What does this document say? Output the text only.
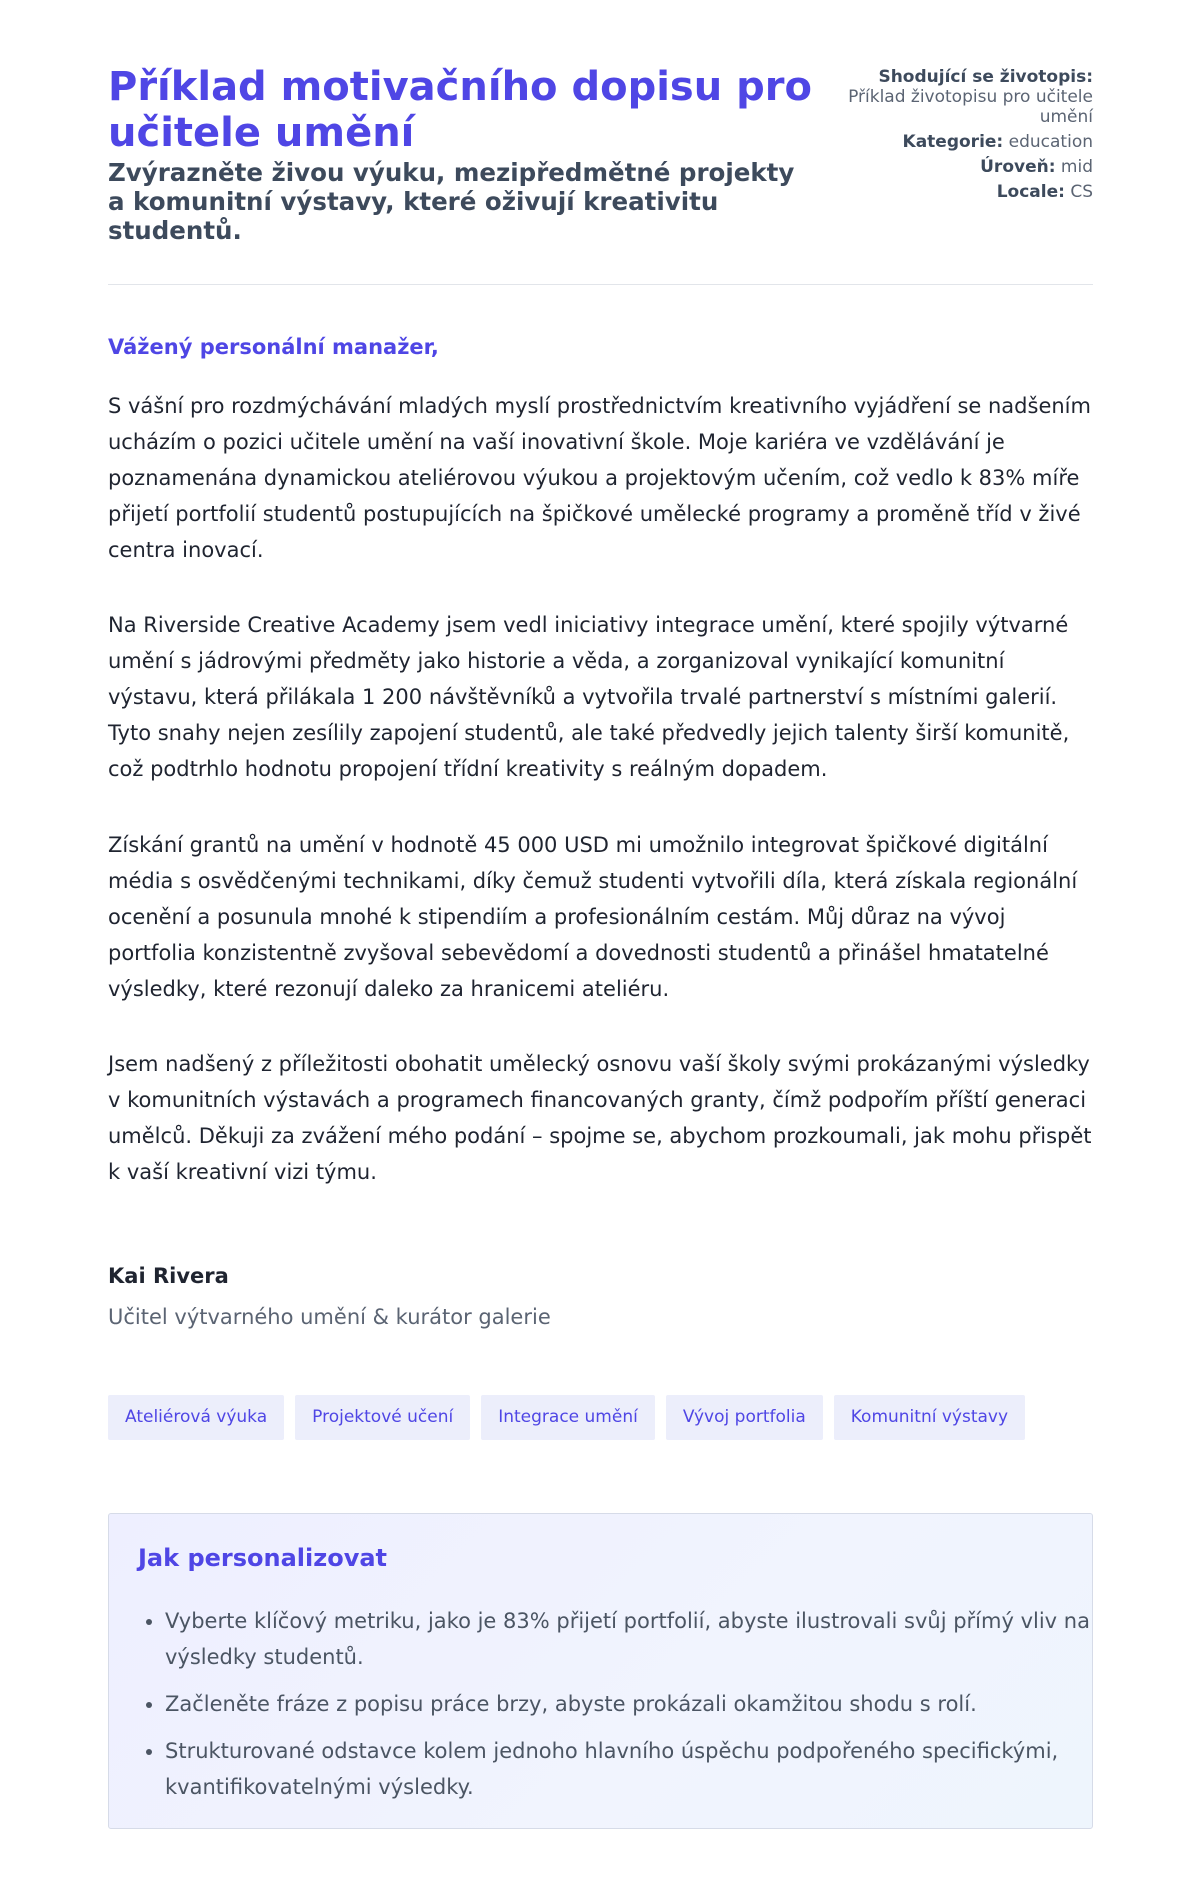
Příklad motivačního dopisu pro učitele umění
Zvýrazněte živou výuku, mezipředmětné projekty a komunitní výstavy, které oživují kreativitu studentů.
Shodující se životopis:
Příklad životopisu pro učitele umění
Kategorie: education
Úroveň: mid
Locale: CS

Vážený personální manažer,

S vášní pro rozdmýchávání mladých myslí prostřednictvím kreativního vyjádření se nadšením ucházím o pozici učitele umění na vaší inovativní škole. Moje kariéra ve vzdělávání je poznamenána dynamickou ateliérovou výukou a projektovým učením, což vedlo k 83% míře přijetí portfolií studentů postupujících na špičkové umělecké programy a proměně tříd v živé centra inovací.

Na Riverside Creative Academy jsem vedl iniciativy integrace umění, které spojily výtvarné umění s jádrovými předměty jako historie a věda, a zorganizoval vynikající komunitní výstavu, která přilákala 1 200 návštěvníků a vytvořila trvalé partnerství s místními galerií. Tyto snahy nejen zesílily zapojení studentů, ale také předvedly jejich talenty širší komunitě, což podtrhlo hodnotu propojení třídní kreativity s reálným dopadem.

Získání grantů na umění v hodnotě 45 000 USD mi umožnilo integrovat špičkové digitální média s osvědčenými technikami, díky čemuž studenti vytvořili díla, která získala regionální ocenění a posunula mnohé k stipendiím a profesionálním cestám. Můj důraz na vývoj portfolia konzistentně zvyšoval sebevědomí a dovednosti studentů a přinášel hmatatelné výsledky, které rezonují daleko za hranicemi ateliéru.

Jsem nadšený z příležitosti obohatit umělecký osnovu vaší školy svými prokázanými výsledky v komunitních výstavách a programech financovaných granty, čímž podpořím příští generaci umělců. Děkuji za zvážení mého podání – spojme se, abychom prozkoumali, jak mohu přispět k vaší kreativní vizi týmu.

Kai Rivera
Učitel výtvarného umění & kurátor galerie
Ateliérová výuka	Projektové učení	Integrace umění	Vývoj portfolia	Komunitní výstavy
Jak personalizovat
• Vyberte klíčový metriku, jako je 83% přijetí portfolií, abyste ilustrovali svůj přímý vliv na výsledky studentů.
• Začleněte fráze z popisu práce brzy, abyste prokázali okamžitou shodu s rolí.
• Strukturované odstavce kolem jednoho hlavního úspěchu podpořeného specifickými, kvantifikovatelnými výsledky.
